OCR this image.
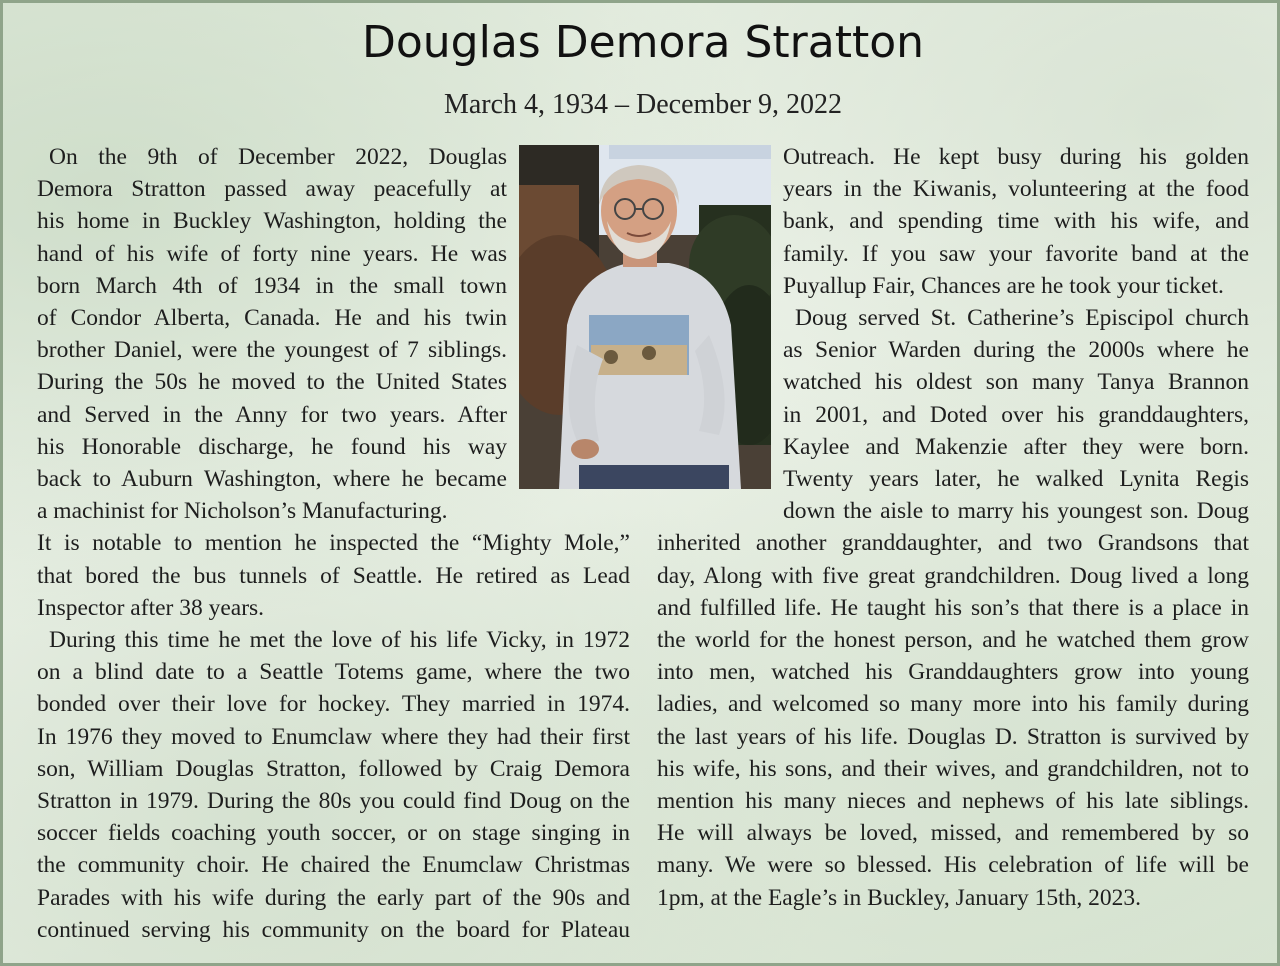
Douglas Demora Stratton
March 4, 1934 – December 9, 2022
On the 9th of December 2022, Douglas
Demora Stratton passed away peacefully at
his home in Buckley Washington, holding the
hand of his wife of forty nine years. He was
born March 4th of 1934 in the small town
of Condor Alberta, Canada. He and his twin
brother Daniel, were the youngest of 7 siblings.
During the 50s he moved to the United States
and Served in the Anny for two years. After
his Honorable discharge, he found his way
back to Auburn Washington, where he became
a machinist for Nicholson’s Manufacturing.
It is notable to mention he inspected the “Mighty Mole,”
that bored the bus tunnels of Seattle. He retired as Lead
Inspector after 38 years.
During this time he met the love of his life Vicky, in 1972
on a blind date to a Seattle Totems game, where the two
bonded over their love for hockey. They married in 1974.
In 1976 they moved to Enumclaw where they had their first
son, William Douglas Stratton, followed by Craig Demora
Stratton in 1979. During the 80s you could find Doug on the
soccer fields coaching youth soccer, or on stage singing in
the community choir. He chaired the Enumclaw Christmas
Parades with his wife during the early part of the 90s and
continued serving his community on the board for Plateau
Outreach. He kept busy during his golden
years in the Kiwanis, volunteering at the food
bank, and spending time with his wife, and
family. If you saw your favorite band at the
Puyallup Fair, Chances are he took your ticket.
Doug served St. Catherine’s Episcipol church
as Senior Warden during the 2000s where he
watched his oldest son many Tanya Brannon
in 2001, and Doted over his granddaughters,
Kaylee and Makenzie after they were born.
Twenty years later, he walked Lynita Regis
down the aisle to marry his youngest son. Doug
inherited another granddaughter, and two Grandsons that
day, Along with five great grandchildren. Doug lived a long
and fulfilled life. He taught his son’s that there is a place in
the world for the honest person, and he watched them grow
into men, watched his Granddaughters grow into young
ladies, and welcomed so many more into his family during
the last years of his life. Douglas D. Stratton is survived by
his wife, his sons, and their wives, and grandchildren, not to
mention his many nieces and nephews of his late siblings.
He will always be loved, missed, and remembered by so
many. We were so blessed. His celebration of life will be
1pm, at the Eagle’s in Buckley, January 15th, 2023.
